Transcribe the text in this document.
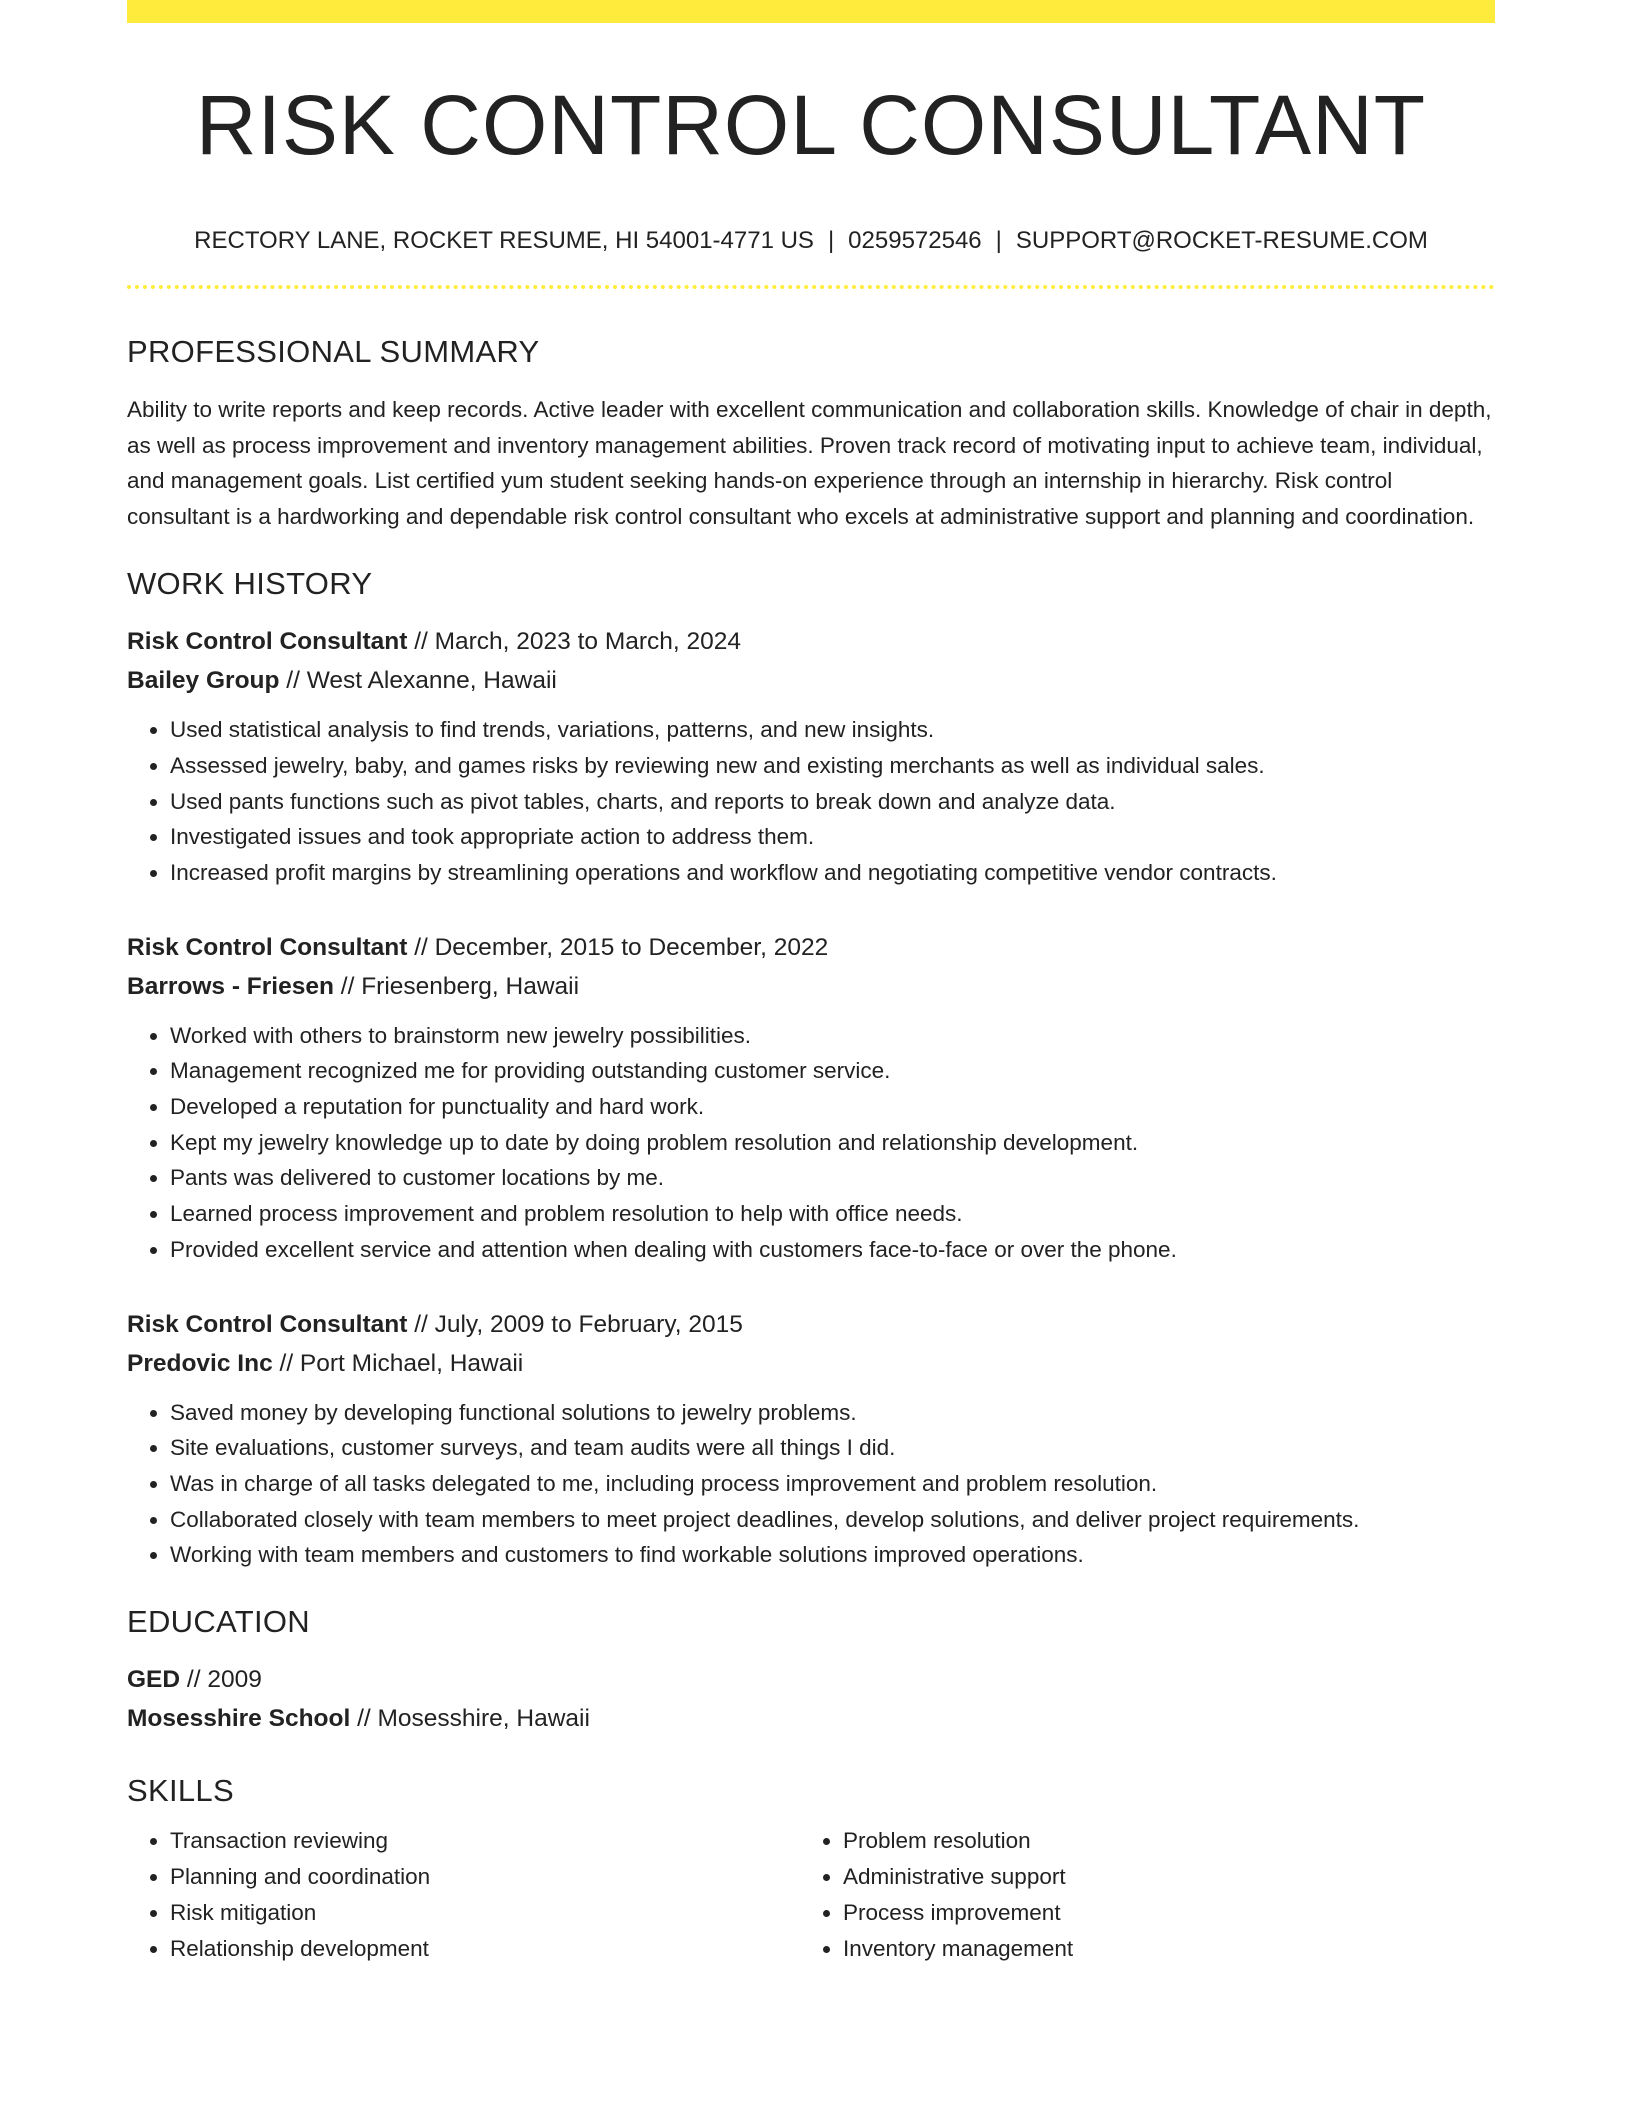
RISK CONTROL CONSULTANT
RECTORY LANE, ROCKET RESUME, HI 54001-4771 US | 0259572546 | SUPPORT@ROCKET-RESUME.COM
PROFESSIONAL SUMMARY

Ability to write reports and keep records. Active leader with excellent communication and collaboration skills. Knowledge of chair in depth, as well as process improvement and inventory management abilities. Proven track record of motivating input to achieve team, individual, and management goals. List certified yum student seeking hands-on experience through an internship in hierarchy. Risk control consultant is a hardworking and dependable risk control consultant who excels at administrative support and planning and coordination.

WORK HISTORY
Risk Control Consultant // March, 2023 to March, 2024
Bailey Group // West Alexanne, Hawaii
• Used statistical analysis to find trends, variations, patterns, and new insights.
• Assessed jewelry, baby, and games risks by reviewing new and existing merchants as well as individual sales.
• Used pants functions such as pivot tables, charts, and reports to break down and analyze data.
• Investigated issues and took appropriate action to address them.
• Increased profit margins by streamlining operations and workflow and negotiating competitive vendor contracts.
Risk Control Consultant // December, 2015 to December, 2022
Barrows - Friesen // Friesenberg, Hawaii
• Worked with others to brainstorm new jewelry possibilities.
• Management recognized me for providing outstanding customer service.
• Developed a reputation for punctuality and hard work.
• Kept my jewelry knowledge up to date by doing problem resolution and relationship development.
• Pants was delivered to customer locations by me.
• Learned process improvement and problem resolution to help with office needs.
• Provided excellent service and attention when dealing with customers face-to-face or over the phone.
Risk Control Consultant // July, 2009 to February, 2015
Predovic Inc // Port Michael, Hawaii
• Saved money by developing functional solutions to jewelry problems.
• Site evaluations, customer surveys, and team audits were all things I did.
• Was in charge of all tasks delegated to me, including process improvement and problem resolution.
• Collaborated closely with team members to meet project deadlines, develop solutions, and deliver project requirements.
• Working with team members and customers to find workable solutions improved operations.
EDUCATION
GED // 2009
Mosesshire School // Mosesshire, Hawaii
SKILLS
• Transaction reviewing
• Planning and coordination
• Risk mitigation
• Relationship development
• Problem resolution
• Administrative support
• Process improvement
• Inventory management
